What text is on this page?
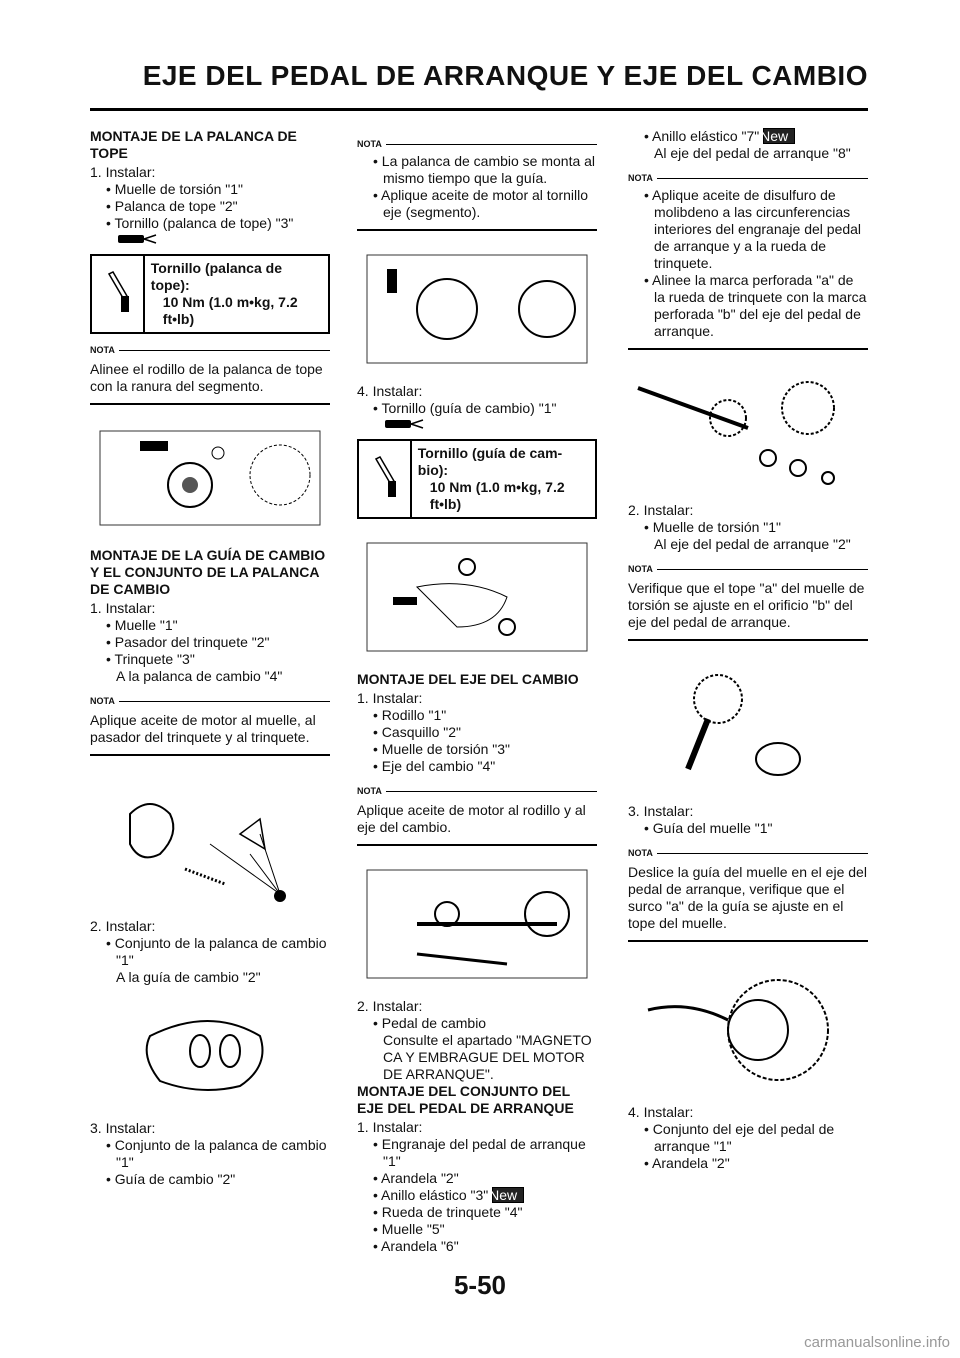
EJE DEL PEDAL DE ARRANQUE Y EJE DEL CAMBIO
MONTAJE DE LA PALANCA DE TOPE
1. Instalar:
• Muelle de torsión "1"
• Palanca de tope "2"
• Tornillo (palanca de tope) "3"
Tornillo (palanca de tope):
10 Nm (1.0 m•kg, 7.2 ft•lb)
NOTA

Alinee el rodillo de la palanca de tope con la ranura del segmento.

MONTAJE DE LA GUÍA DE CAMBIO Y EL CONJUNTO DE LA PALANCA DE CAMBIO
1. Instalar:
• Muelle "1"
• Pasador del trinquete "2"
• Trinquete "3"
A la palanca de cambio "4"
NOTA

Aplique aceite de motor al muelle, al pasador del trinquete y al trinquete.

2. Instalar:
• Conjunto de la palanca de cambio "1"
A la guía de cambio "2"
3. Instalar:
• Conjunto de la palanca de cambio "1"
• Guía de cambio "2"
NOTA
• La palanca de cambio se monta al mismo tiempo que la guía.
• Aplique aceite de motor al tornillo eje (segmento).
4. Instalar:
• Tornillo (guía de cambio) "1"
Tornillo (guía de cam- bio):
10 Nm (1.0 m•kg, 7.2 ft•lb)
MONTAJE DEL EJE DEL CAMBIO
1. Instalar:
• Rodillo "1"
• Casquillo "2"
• Muelle de torsión "3"
• Eje del cambio "4"
NOTA

Aplique aceite de motor al rodillo y al eje del cambio.

2. Instalar:
• Pedal de cambio
Consulte el apartado "MAGNETO CA Y EMBRAGUE DEL MOTOR DE ARRANQUE".
MONTAJE DEL CONJUNTO DEL EJE DEL PEDAL DE ARRANQUE
1. Instalar:
• Engranaje del pedal de arranque "1"
• Arandela "2"
• Anillo elástico "3" New
• Rueda de trinquete "4"
• Muelle "5"
• Arandela "6"
• Anillo elástico "7" New
Al eje del pedal de arranque "8"
NOTA
• Aplique aceite de disulfuro de molibdeno a las circunferencias interiores del engranaje del pedal de arranque y a la rueda de trinquete.
• Alinee la marca perforada "a" de la rueda de trinquete con la marca perforada "b" del eje del pedal de arranque.
2. Instalar:
• Muelle de torsión "1"
Al eje del pedal de arranque "2"
NOTA

Verifique que el tope "a" del muelle de torsión se ajuste en el orificio "b" del eje del pedal de arranque.

3. Instalar:
• Guía del muelle "1"
NOTA

Deslice la guía del muelle en el eje del pedal de arranque, verifique que el surco "a" de la guía se ajuste en el tope del muelle.

4. Instalar:
• Conjunto del eje del pedal de arranque "1"
• Arandela "2"
5-50
carmanualsonline.info
